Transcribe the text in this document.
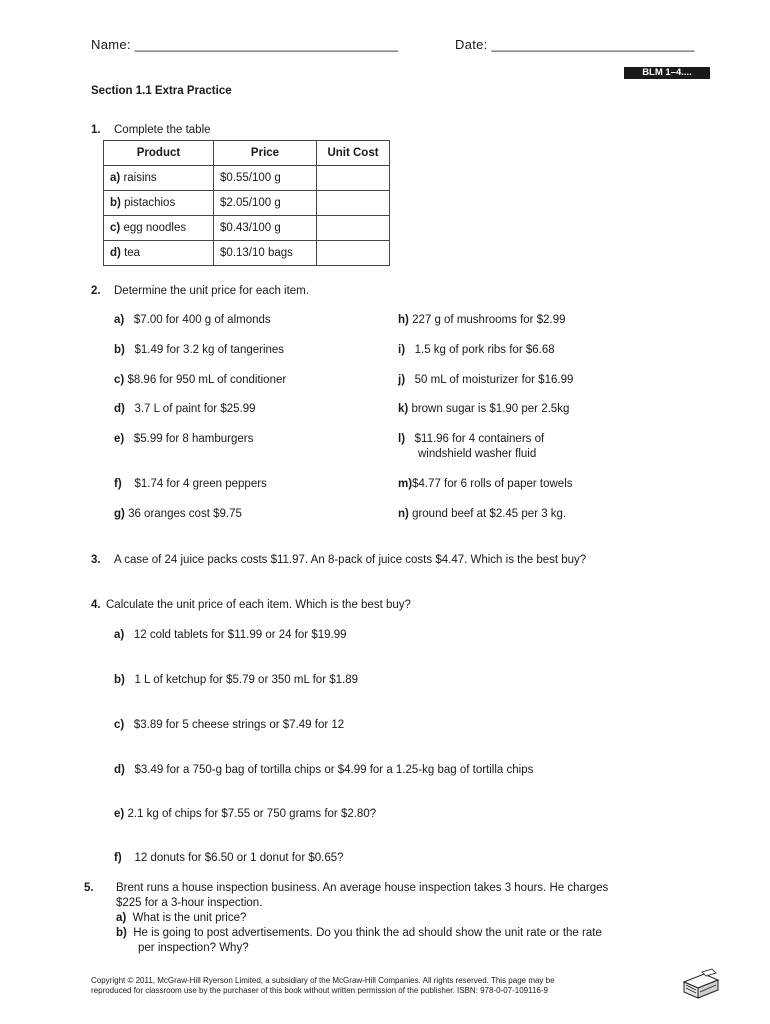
Name: ___________________________________	Date: ___________________________
BLM 1–4....
Section 1.1 Extra Practice
1. Complete the table
Product	Price	Unit Cost
a) raisins	$0.55/100 g	
b) pistachios	$2.05/100 g	
c) egg noodles	$0.43/100 g	
d) tea	$0.13/10 bags	
2. Determine the unit price for each item.
a) $7.00 for 400 g of almonds
b) $1.49 for 3.2 kg of tangerines
c) $8.96 for 950 mL of conditioner
d) 3.7 L of paint for $25.99
e) $5.99 for 8 hamburgers
f) $1.74 for 4 green peppers
g) 36 oranges cost $9.75
h) 227 g of mushrooms for $2.99
i) 1.5 kg of pork ribs for $6.68
j) 50 mL of moisturizer for $16.99
k) brown sugar is $1.90 per 2.5kg
l) $11.96 for 4 containers of
windshield washer fluid
m)$4.77 for 6 rolls of paper towels
n) ground beef at $2.45 per 3 kg.
3. A case of 24 juice packs costs $11.97. An 8-pack of juice costs $4.47. Which is the best buy?
4. Calculate the unit price of each item. Which is the best buy?
a) 12 cold tablets for $11.99 or 24 for $19.99
b) 1 L of ketchup for $5.79 or 350 mL for $1.89
c) $3.89 for 5 cheese strings or $7.49 for 12
d) $3.49 for a 750-g bag of tortilla chips or $4.99 for a 1.25-kg bag of tortilla chips
e) 2.1 kg of chips for $7.55 or 750 grams for $2.80?
f) 12 donuts for $6.50 or 1 donut for $0.65?
5. Brent runs a house inspection business. An average house inspection takes 3 hours. He charges
$225 for a 3-hour inspection.
a) What is the unit price?
b) He is going to post advertisements. Do you think the ad should show the unit rate or the rate
per inspection? Why?
Copyright © 2011, McGraw-Hill Ryerson Limited, a subsidiary of the McGraw-Hill Companies. All rights reserved. This page may be
reproduced for classroom use by the purchaser of this book without written permission of the publisher. ISBN: 978-0-07-109116-9
